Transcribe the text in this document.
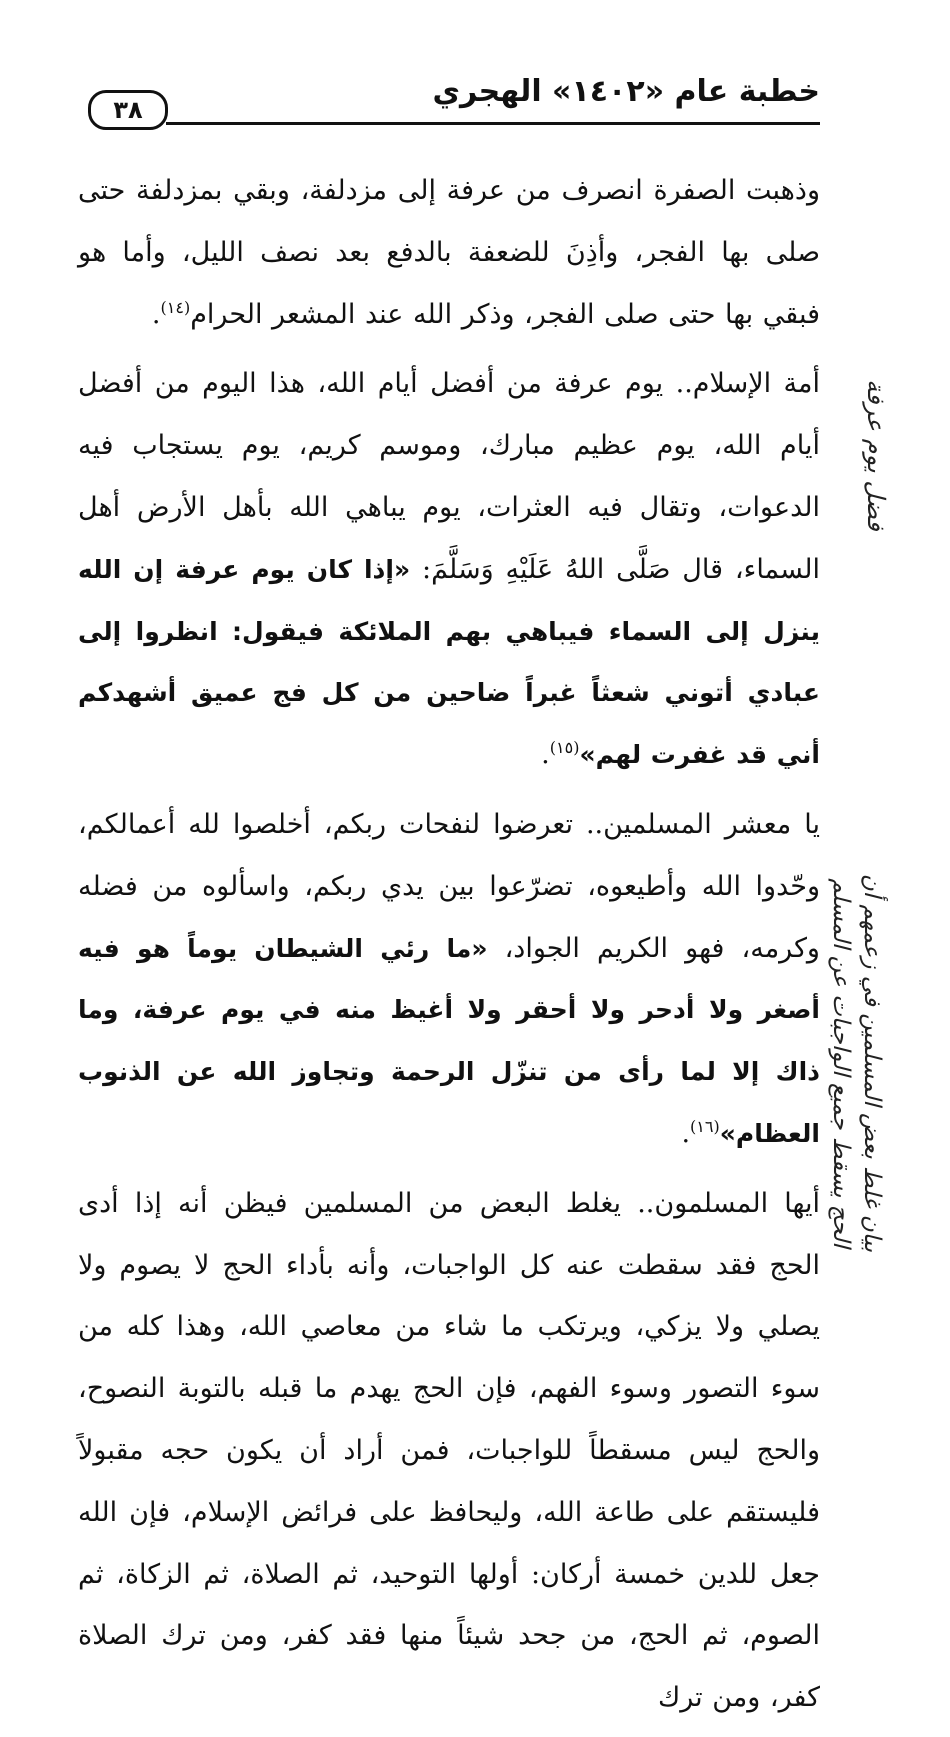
خطبة عام «١٤٠٢» الهجري
٣٨

وذهبت الصفرة انصرف من عرفة إلى مزدلفة، وبقي بمزدلفة حتى صلى بها الفجر، وأذِنَ للضعفة بالدفع بعد نصف الليل، وأما هو فبقي بها حتى صلى الفجر، وذكر الله عند المشعر الحرام$^{(١٤)}$.

أمة الإسلام.. يوم عرفة من أفضل أيام الله، هذا اليوم من أفضل أيام الله، يوم عظيم مبارك، وموسم كريم، يوم يستجاب فيه الدعوات، وتقال فيه العثرات، يوم يباهي الله بأهل الأرض أهل السماء، قال صَلَّى اللهُ عَلَيْهِ وَسَلَّمَ: «إذا كان يوم عرفة إن الله ينزل إلى السماء فيباهي بهم الملائكة فيقول: انظروا إلى عبادي أتوني شعثاً غبراً ضاحين من كل فج عميق أشهدكم أني قد غفرت لهم»$^{(١٥)}$.

يا معشر المسلمين.. تعرضوا لنفحات ربكم، أخلصوا لله أعمالكم، وحّدوا الله وأطيعوه، تضرّعوا بين يدي ربكم، واسألوه من فضله وكرمه، فهو الكريم الجواد، «ما رئي الشيطان يوماً هو فيه أصغر ولا أدحر ولا أحقر ولا أغيظ منه في يوم عرفة، وما ذاك إلا لما رأى من تنزّل الرحمة وتجاوز الله عن الذنوب العظام»$^{(١٦)}$.

أيها المسلمون.. يغلط البعض من المسلمين فيظن أنه إذا أدى الحج فقد سقطت عنه كل الواجبات، وأنه بأداء الحج لا يصوم ولا يصلي ولا يزكي، ويرتكب ما شاء من معاصي الله، وهذا كله من سوء التصور وسوء الفهم، فإن الحج يهدم ما قبله بالتوبة النصوح، والحج ليس مسقطاً للواجبات، فمن أراد أن يكون حجه مقبولاً فليستقم على طاعة الله، وليحافظ على فرائض الإسلام، فإن الله جعل للدين خمسة أركان: أولها التوحيد، ثم الصلاة، ثم الزكاة، ثم الصوم، ثم الحج، من جحد شيئاً منها فقد كفر، ومن ترك الصلاة كفر، ومن ترك

فضل يوم عرفة
بيان غلط بعض المسلمين في زعمهم أن
الحج يسقط جميع الواجبات عن المسلم
